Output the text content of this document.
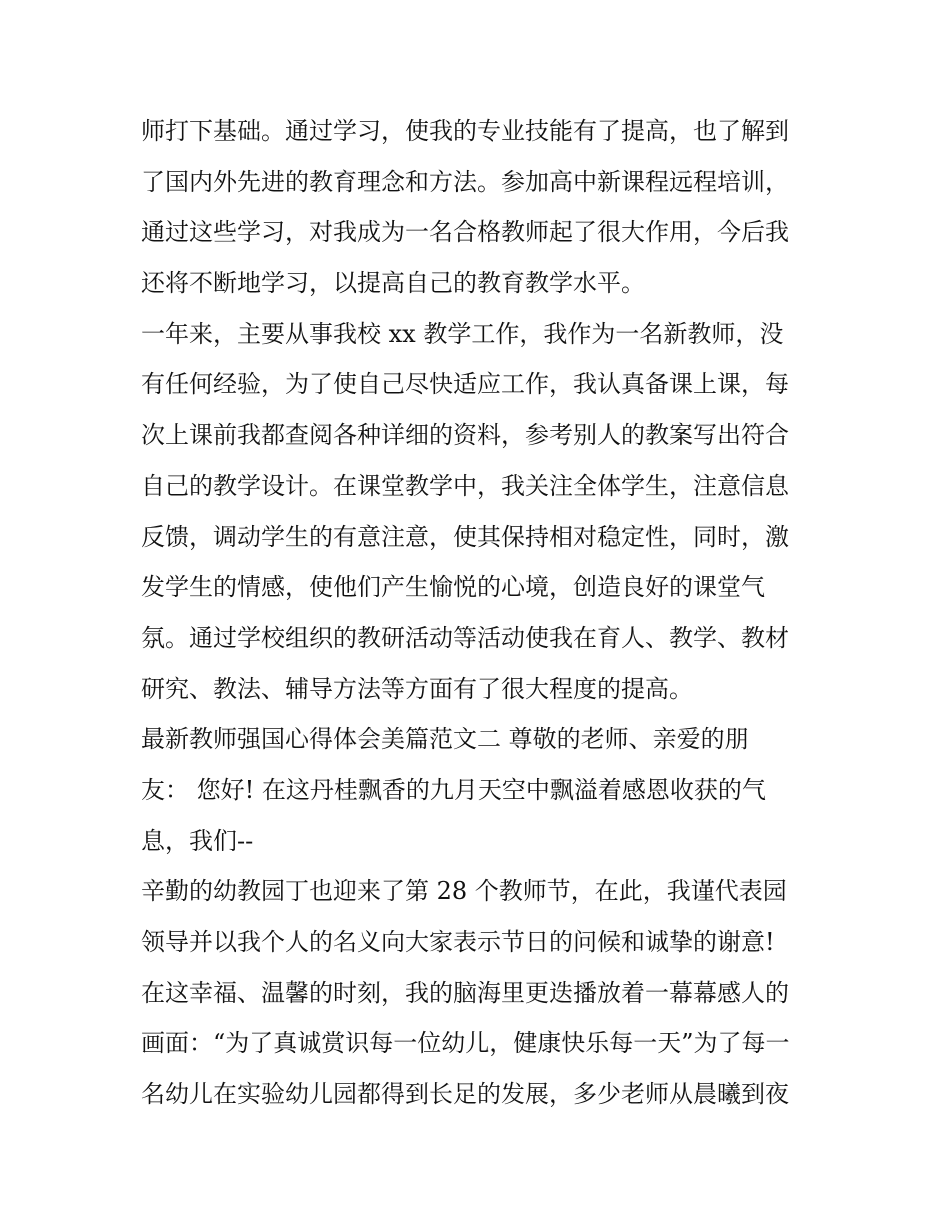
师打下基础。通过学习，使我的专业技能有了提高，也了解到
了国内外先进的教育理念和方法。参加高中新课程远程培训，
通过这些学习，对我成为一名合格教师起了很大作用，今后我
还将不断地学习，以提高自己的教育教学水平。
一年来，主要从事我校 xx 教学工作，我作为一名新教师，没
有任何经验，为了使自己尽快适应工作，我认真备课上课，每
次上课前我都查阅各种详细的资料，参考别人的教案写出符合
自己的教学设计。在课堂教学中，我关注全体学生，注意信息
反馈，调动学生的有意注意，使其保持相对稳定性，同时，激
发学生的情感，使他们产生愉悦的心境，创造良好的课堂气
氛。通过学校组织的教研活动等活动使我在育人、教学、教材
研究、教法、辅导方法等方面有了很大程度的提高。
最新教师强国心得体会美篇范文二 尊敬的老师、亲爱的朋
友： 您好! 在这丹桂飘香的九月天空中飘溢着感恩收获的气
息，我们--
辛勤的幼教园丁也迎来了第 28 个教师节，在此，我谨代表园
领导并以我个人的名义向大家表示节日的问候和诚挚的谢意!
在这幸福、温馨的时刻，我的脑海里更迭播放着一幕幕感人的
画面：“为了真诚赏识每一位幼儿，健康快乐每一天”为了每一
名幼儿在实验幼儿园都得到长足的发展，多少老师从晨曦到夜
